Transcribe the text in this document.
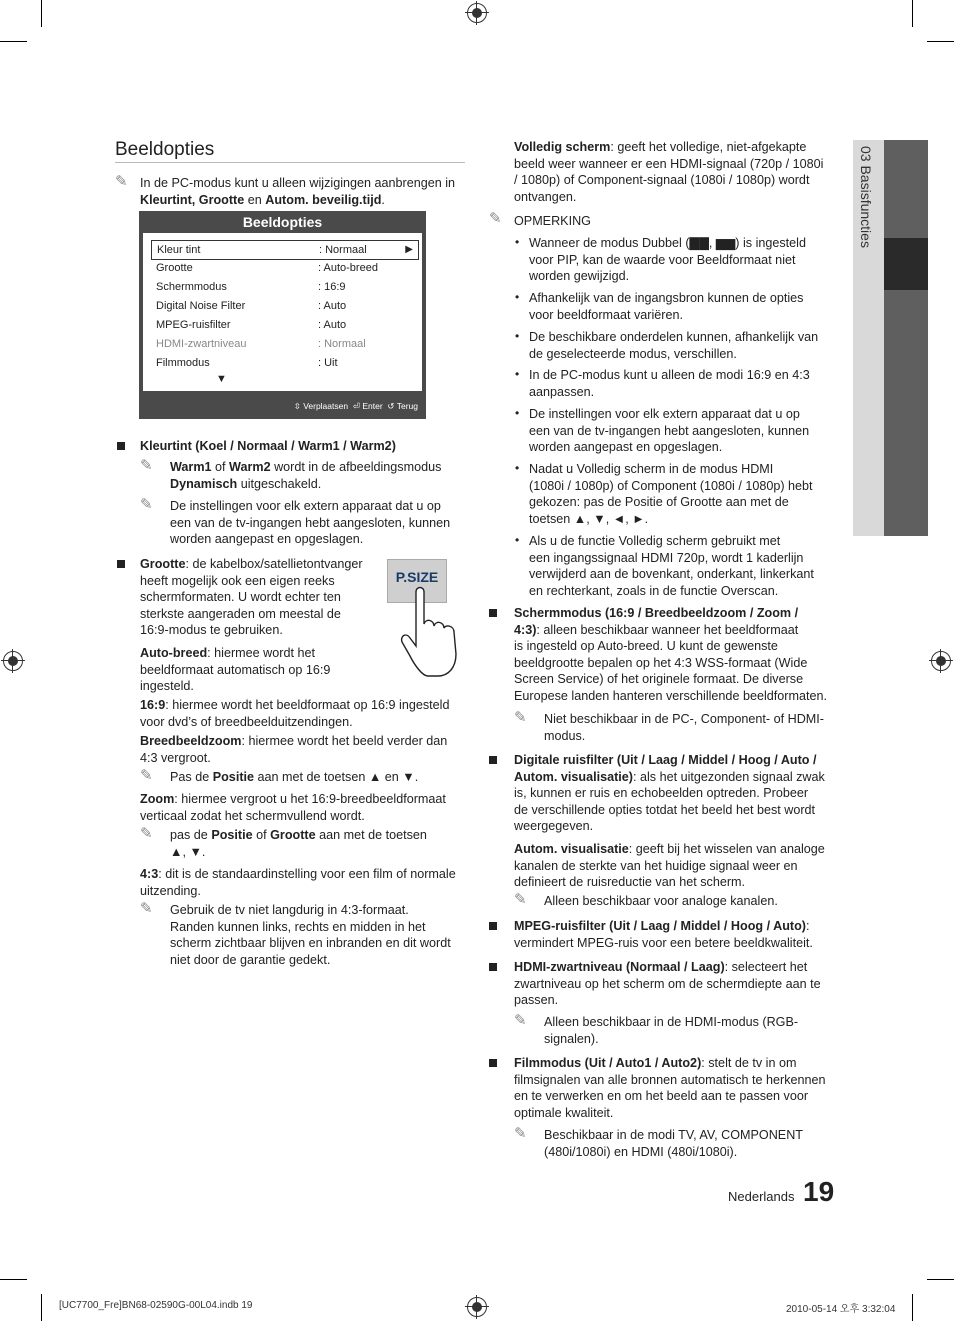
03 Basisfuncties
Beeldopties
✎ In de PC-modus kunt u alleen wijzigingen aanbrengen in Kleurtint, Grootte en Autom. beveilig.tijd.
Beeldopties
Kleur tint	: Normaal	▶
Grootte	: Auto-breed
Schermmodus	: 16:9
Digital Noise Filter	: Auto
MPEG-ruisfilter	: Auto
HDMI-zwartniveau	: Normaal
Filmmodus	: Uit
▼
⇳ Verplaatsen ⏎ Enter ↺ Terug
Kleurtint (Koel / Normaal / Warm1 / Warm2)
✎ Warm1 of Warm2 wordt in de afbeeldingsmodus Dynamisch uitgeschakeld.
✎ De instellingen voor elk extern apparaat dat u op
een van de tv-ingangen hebt aangesloten, kunnen
worden aangepast en opgeslagen.
Grootte: de kabelbox/satellietontvanger
heeft mogelijk ook een eigen reeks
schermformaten. U wordt echter ten
sterkste aangeraden om meestal de
16:9-modus te gebruiken.
P.SIZE
Auto-breed: hiermee wordt het
beeldformaat automatisch op 16:9
ingesteld.
16:9: hiermee wordt het beeldformaat op 16:9 ingesteld
voor dvd’s of breedbeelduitzendingen.
Breedbeeldzoom: hiermee wordt het beeld verder dan
4:3 vergroot.
✎ Pas de Positie aan met de toetsen ▲ en ▼.
Zoom: hiermee vergroot u het 16:9-breedbeeldformaat
verticaal zodat het schermvullend wordt.
✎ pas de Positie of Grootte aan met de toetsen
▲, ▼.
4:3: dit is de standaardinstelling voor een film of normale
uitzending.
✎ Gebruik de tv niet langdurig in 4:3-formaat.
Randen kunnen links, rechts en midden in het
scherm zichtbaar blijven en inbranden en dit wordt
niet door de garantie gedekt.
Volledig scherm: geeft het volledige, niet-afgekapte
beeld weer wanneer er een HDMI-signaal (720p / 1080i
/ 1080p) of Component-signaal (1080i / 1080p) wordt
ontvangen.
✎ OPMERKING
• Wanneer de modus Dubbel (▇▇, ▆▆) is ingesteld
voor PIP, kan de waarde voor Beeldformaat niet
worden gewijzigd.
• Afhankelijk van de ingangsbron kunnen de opties
voor beeldformaat variëren.
• De beschikbare onderdelen kunnen, afhankelijk van
de geselecteerde modus, verschillen.
• In de PC-modus kunt u alleen de modi 16:9 en 4:3
aanpassen.
• De instellingen voor elk extern apparaat dat u op
een van de tv-ingangen hebt aangesloten, kunnen
worden aangepast en opgeslagen.
• Nadat u Volledig scherm in de modus HDMI
(1080i / 1080p) of Component (1080i / 1080p) hebt
gekozen: pas de Positie of Grootte aan met de
toetsen ▲, ▼, ◄, ►.
• Als u de functie Volledig scherm gebruikt met
een ingangssignaal HDMI 720p, wordt 1 kaderlijn
verwijderd aan de bovenkant, onderkant, linkerkant
en rechterkant, zoals in de functie Overscan.
Schermmodus (16:9 / Breedbeeldzoom / Zoom /
4:3): alleen beschikbaar wanneer het beeldformaat
is ingesteld op Auto-breed. U kunt de gewenste
beeldgrootte bepalen op het 4:3 WSS-formaat (Wide
Screen Service) of het originele formaat. De diverse
Europese landen hanteren verschillende beeldformaten.
✎ Niet beschikbaar in de PC-, Component- of HDMI-
modus.
Digitale ruisfilter (Uit / Laag / Middel / Hoog / Auto /
Autom. visualisatie): als het uitgezonden signaal zwak
is, kunnen er ruis en echobeelden optreden. Probeer
de verschillende opties totdat het beeld het best wordt
weergegeven.
Autom. visualisatie: geeft bij het wisselen van analoge
kanalen de sterkte van het huidige signaal weer en
definieert de ruisreductie van het scherm.
✎ Alleen beschikbaar voor analoge kanalen.
MPEG-ruisfilter (Uit / Laag / Middel / Hoog / Auto):
vermindert MPEG-ruis voor een betere beeldkwaliteit.
HDMI-zwartniveau (Normaal / Laag): selecteert het
zwartniveau op het scherm om de schermdiepte aan te
passen.
✎ Alleen beschikbaar in de HDMI-modus (RGB-
signalen).
Filmmodus (Uit / Auto1 / Auto2): stelt de tv in om
filmsignalen van alle bronnen automatisch te herkennen
en te verwerken en om het beeld aan te passen voor
optimale kwaliteit.
✎ Beschikbaar in de modi TV, AV, COMPONENT
(480i/1080i) en HDMI (480i/1080i).
Nederlands 19
[UC7700_Fre]BN68-02590G-00L04.indb 19	2010-05-14 오후 3:32:04
